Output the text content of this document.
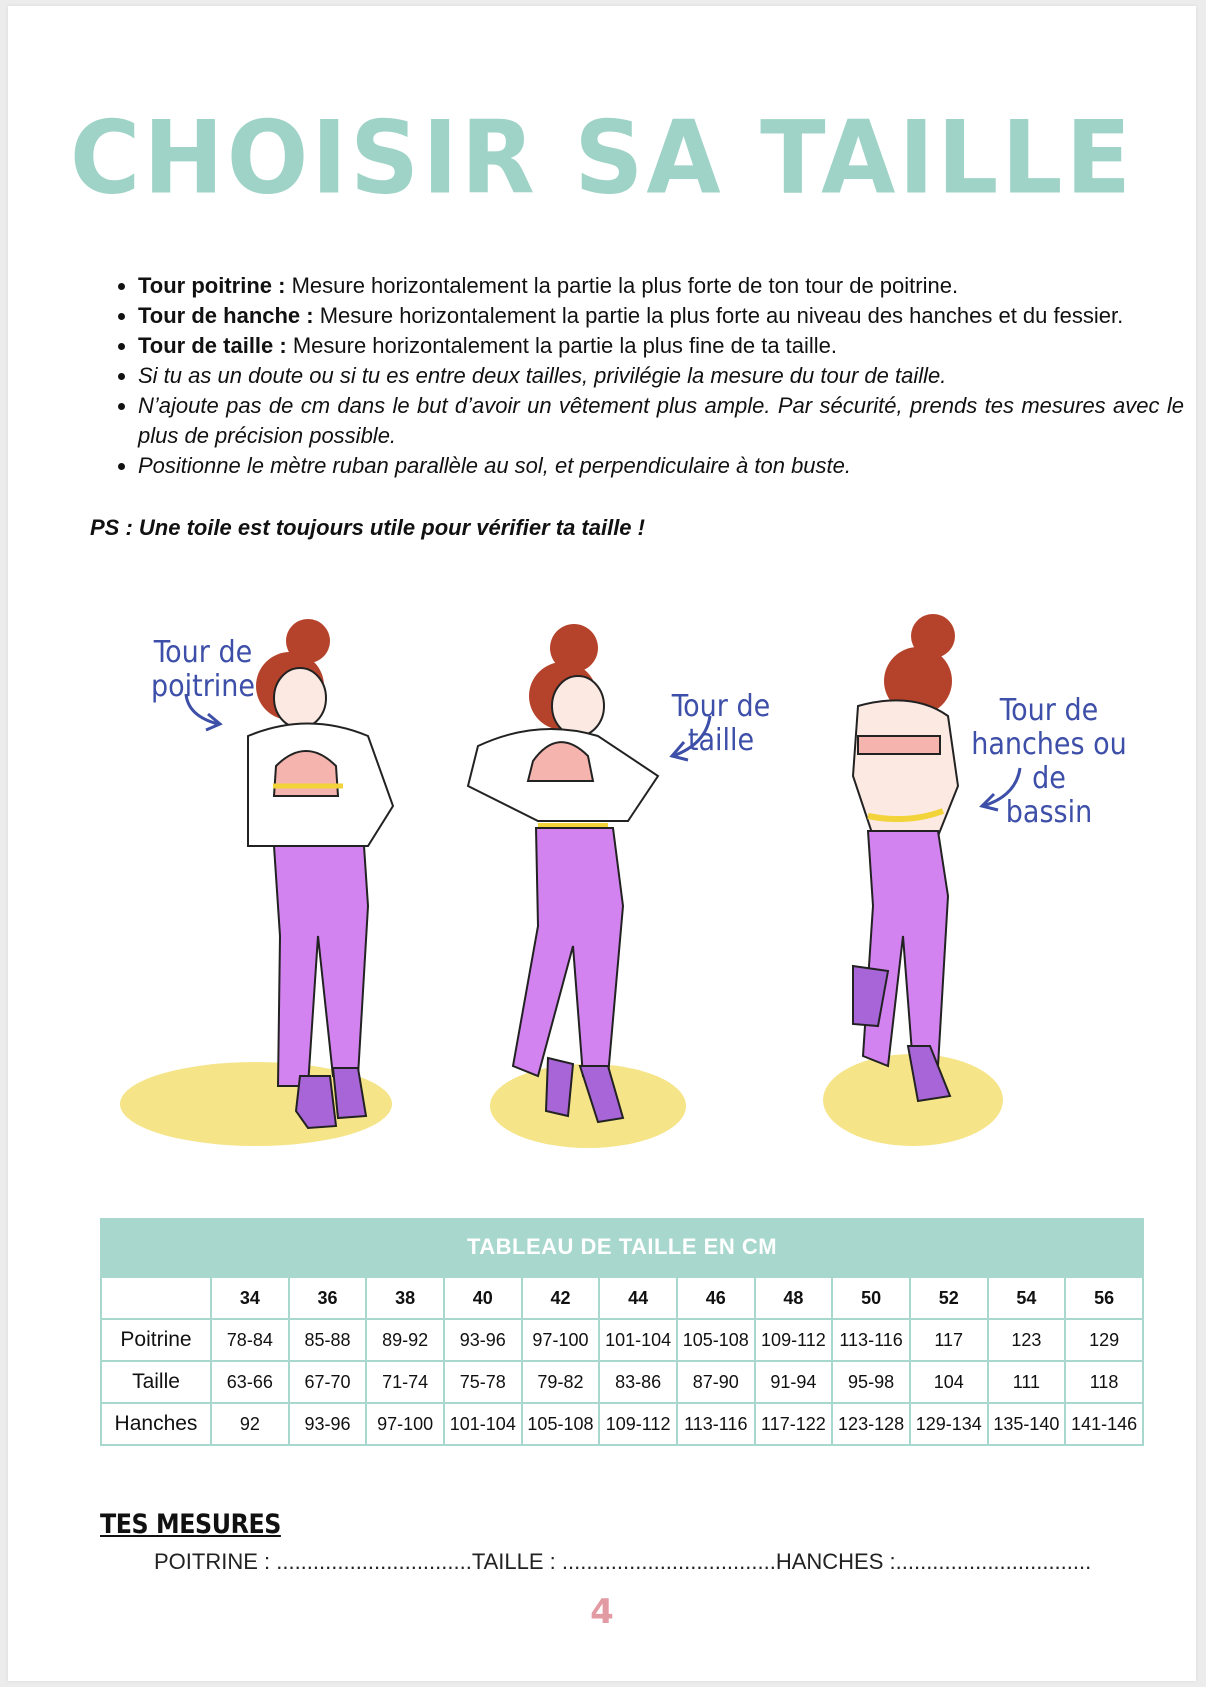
CHOISIR SA TAILLE
• Tour poitrine : Mesure horizontalement la partie la plus forte de ton tour de poitrine.
• Tour de hanche : Mesure horizontalement la partie la plus forte au niveau des hanches et du fessier.
• Tour de taille : Mesure horizontalement la partie la plus fine de ta taille.
• Si tu as un doute ou si tu es entre deux tailles, privilégie la mesure du tour de taille.
• N’ajoute pas de cm dans le but d’avoir un vêtement plus ample. Par sécurité, prends tes mesures avec le plus de précision possible.
• Positionne le mètre ruban parallèle au sol, et perpendiculaire à ton buste.
PS : Une toile est toujours utile pour vérifier ta taille !
Tour de
poitrine
Tour de taille
Tour de
hanches ou de
bassin
TABLEAU DE TAILLE EN CM
	34	36	38	40	42	44	46	48	50	52	54	56
Poitrine	78-84	85-88	89-92	93-96	97-100	101-104	105-108	109-112	113-116	117	123	129
Taille	63-66	67-70	71-74	75-78	79-82	83-86	87-90	91-94	95-98	104	111	118
Hanches	92	93-96	97-100	101-104	105-108	109-112	113-116	117-122	123-128	129-134	135-140	141-146
TES MESURES
POITRINE : ................................TAILLE : ...................................HANCHES :................................
4
